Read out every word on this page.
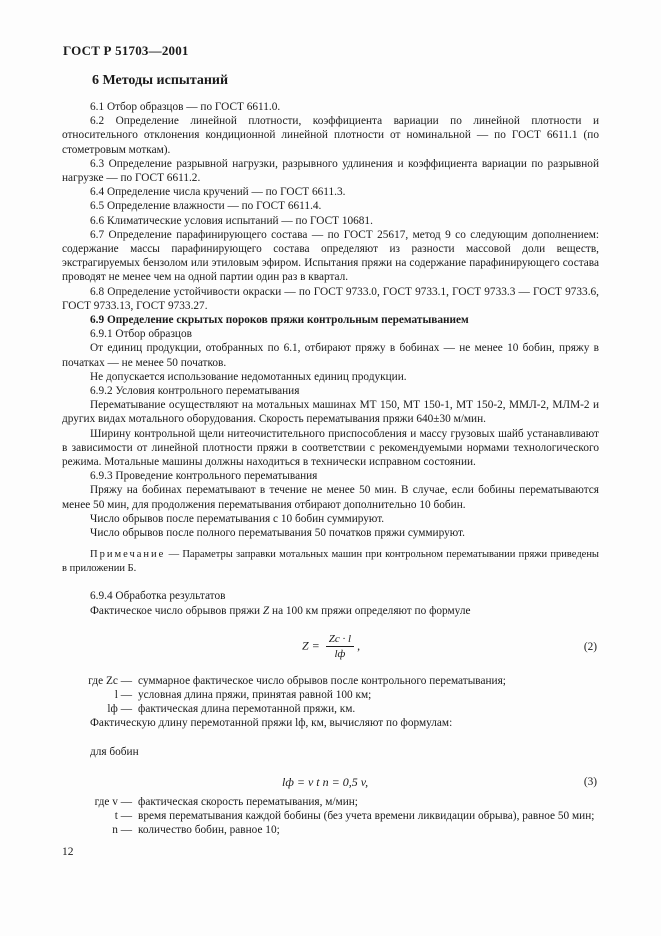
ГОСТ Р 51703—2001
6 Методы испытаний

6.1 Отбор образцов — по ГОСТ 6611.0.

6.2 Определение линейной плотности, коэффициента вариации по линейной плотности и относительного отклонения кондиционной линейной плотности от номинальной — по ГОСТ 6611.1 (по стометровым моткам).

6.3 Определение разрывной нагрузки, разрывного удлинения и коэффициента вариации по разрывной нагрузке — по ГОСТ 6611.2.

6.4 Определение числа кручений — по ГОСТ 6611.3.

6.5 Определение влажности — по ГОСТ 6611.4.

6.6 Климатические условия испытаний — по ГОСТ 10681.

6.7 Определение парафинирующего состава — по ГОСТ 25617, метод 9 со следующим дополнением: содержание массы парафинирующего состава определяют из разности массовой доли веществ, экстрагируемых бензолом или этиловым эфиром. Испытания пряжи на содержание парафинирующего состава проводят не менее чем на одной партии один раз в квартал.

6.8 Определение устойчивости окраски — по ГОСТ 9733.0, ГОСТ 9733.1, ГОСТ 9733.3 — ГОСТ 9733.6, ГОСТ 9733.13, ГОСТ 9733.27.

6.9 Определение скрытых пороков пряжи контрольным перематыванием

6.9.1 Отбор образцов

От единиц продукции, отобранных по 6.1, отбирают пряжу в бобинах — не менее 10 бобин, пряжу в початках — не менее 50 початков.

Не допускается использование недомотанных единиц продукции.

6.9.2 Условия контрольного перематывания

Перематывание осуществляют на мотальных машинах МТ 150, МТ 150-1, МТ 150-2, ММЛ-2, МЛМ-2 и других видах мотального оборудования. Скорость перематывания пряжи 640±30 м/мин.

Ширину контрольной щели нитеочистительного приспособления и массу грузовых шайб устанавливают в зависимости от линейной плотности пряжи в соответствии с рекомендуемыми нормами технологического режима. Мотальные машины должны находиться в технически исправном состоянии.

6.9.3 Проведение контрольного перематывания

Пряжу на бобинах перематывают в течение не менее 50 мин. В случае, если бобины перематываются менее 50 мин, для продолжения перематывания отбирают дополнительно 10 бобин.

Число обрывов после перематывания с 10 бобин суммируют.

Число обрывов после полного перематывания 50 початков пряжи суммируют.

Примечание — Параметры заправки мотальных машин при контрольном перематывании пряжи приведены в приложении Б.

6.9.4 Обработка результатов

Фактическое число обрывов пряжи Z на 100 км пряжи определяют по формуле

$Z = \frac{Zc \cdot l}{lф}$ ,	(2)
где Zc — суммарное фактическое число обрывов после контрольного перематывания;
l — условная длина пряжи, принятая равной 100 км;
lф — фактическая длина перемотанной пряжи, км.

Фактическую длину перемотанной пряжи lф, км, вычисляют по формулам:

для бобин

lф = v t n = 0,5 v,	(3)
где v — фактическая скорость перематывания, м/мин;
t — время перематывания каждой бобины (без учета времени ликвидации обрыва), равное 50 мин;
n — количество бобин, равное 10;
12
